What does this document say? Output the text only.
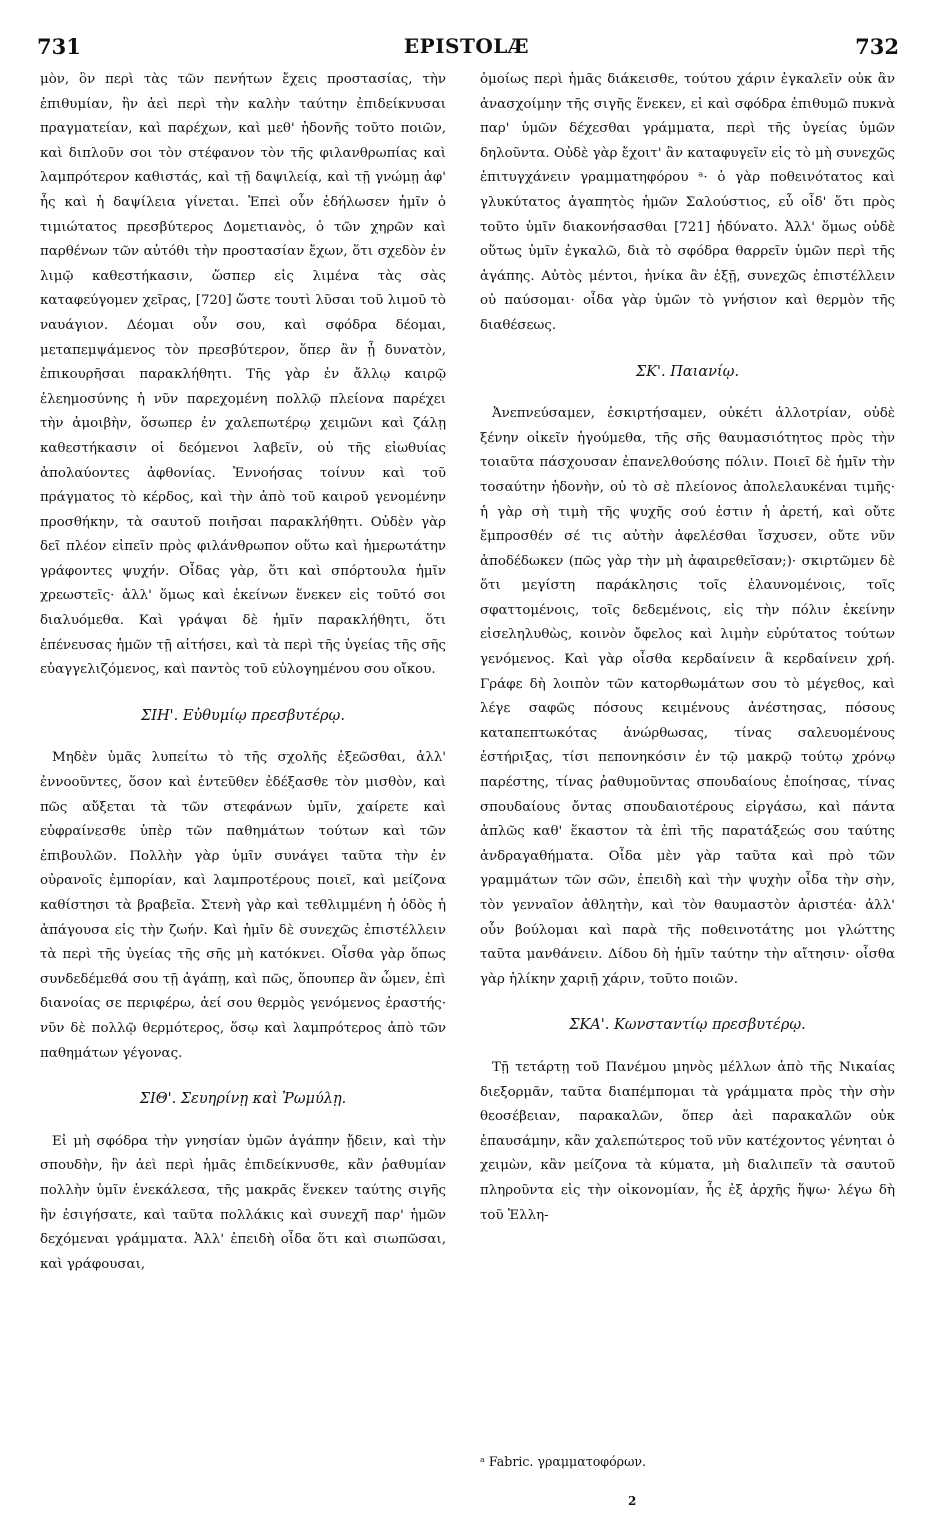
731	EPISTOLÆ	732

μὸν, ὃν περὶ τὰς τῶν πενήτων ἔχεις προστασίας, τὴν ἐπιθυμίαν, ἣν ἀεὶ περὶ τὴν καλὴν ταύτην ἐπιδείκνυσαι πραγματείαν, καὶ παρέχων, καὶ μεθ' ἡδονῆς τοῦτο ποιῶν, καὶ διπλοῦν σοι τὸν στέφανον τὸν τῆς φιλανθρωπίας καὶ λαμπρότερον καθιστάς, καὶ τῇ δαψιλείᾳ, καὶ τῇ γνώμῃ ἀφ' ἧς καὶ ἡ δαψίλεια γίνεται. Ἐπεὶ οὖν ἐδήλωσεν ἡμῖν ὁ τιμιώτατος πρεσβύτερος Δομετιανὸς, ὁ τῶν χηρῶν καὶ παρθένων τῶν αὐτόθι τὴν προστασίαν ἔχων, ὅτι σχεδὸν ἐν λιμῷ καθεστήκασιν, ὥσπερ εἰς λιμένα τὰς σὰς καταφεύγομεν χεῖρας, [720] ὥστε τουτὶ λῦσαι τοῦ λιμοῦ τὸ ναυάγιον. Δέομαι οὖν σου, καὶ σφόδρα δέομαι, μεταπεμψάμενος τὸν πρεσβύτερον, ὅπερ ἂν ᾖ δυνατὸν, ἐπικουρῆσαι παρακλήθητι. Τῆς γὰρ ἐν ἄλλῳ καιρῷ ἐλεημοσύνης ἡ νῦν παρεχομένη πολλῷ πλείονα παρέχει τὴν ἀμοιβὴν, ὅσωπερ ἐν χαλεπωτέρῳ χειμῶνι καὶ ζάλῃ καθεστήκασιν οἱ δεόμενοι λαβεῖν, οὐ τῆς εἰωθυίας ἀπολαύοντες ἀφθονίας. Ἐννοήσας τοίνυν καὶ τοῦ πράγματος τὸ κέρδος, καὶ τὴν ἀπὸ τοῦ καιροῦ γενομένην προσθήκην, τὰ σαυτοῦ ποιῆσαι παρακλήθητι. Οὐδὲν γὰρ δεῖ πλέον εἰπεῖν πρὸς φιλάνθρωπον οὕτω καὶ ἡμερωτάτην γράφοντες ψυχήν. Οἶδας γὰρ, ὅτι καὶ σπόρτουλα ἡμῖν χρεωστεῖς· ἀλλ' ὅμως καὶ ἐκείνων ἕνεκεν εἰς τοῦτό σοι διαλυόμεθα. Καὶ γράψαι δὲ ἡμῖν παρακλήθητι, ὅτι ἐπένευσας ἡμῶν τῇ αἰτήσει, καὶ τὰ περὶ τῆς ὑγείας τῆς σῆς εὐαγγελιζόμενος, καὶ παντὸς τοῦ εὐλογημένου σου οἴκου.

ΣΙΗ'. Εὐθυμίῳ πρεσβυτέρῳ.

Μηδὲν ὑμᾶς λυπείτω τὸ τῆς σχολῆς ἐξεῶσθαι, ἀλλ' ἐννοοῦντες, ὅσον καὶ ἐντεῦθεν ἐδέξασθε τὸν μισθὸν, καὶ πῶς αὔξεται τὰ τῶν στεφάνων ὑμῖν, χαίρετε καὶ εὐφραίνεσθε ὑπὲρ τῶν παθημάτων τούτων καὶ τῶν ἐπιβουλῶν. Πολλὴν γὰρ ὑμῖν συνάγει ταῦτα τὴν ἐν οὐρανοῖς ἐμπορίαν, καὶ λαμπροτέρους ποιεῖ, καὶ μείζονα καθίστησι τὰ βραβεῖα. Στενὴ γὰρ καὶ τεθλιμμένη ἡ ὁδὸς ἡ ἀπάγουσα εἰς τὴν ζωήν. Καὶ ἡμῖν δὲ συνεχῶς ἐπιστέλλειν τὰ περὶ τῆς ὑγείας τῆς σῆς μὴ κατόκνει. Οἶσθα γὰρ ὅπως συνδεδέμεθά σου τῇ ἀγάπῃ, καὶ πῶς, ὅπουπερ ἂν ὦμεν, ἐπὶ διανοίας σε περιφέρω, ἀεί σου θερμὸς γενόμενος ἐραστής· νῦν δὲ πολλῷ θερμότερος, ὅσῳ καὶ λαμπρότερος ἀπὸ τῶν παθημάτων γέγονας.

ΣΙΘ'. Σευηρίνῃ καὶ Ῥωμύλῃ.

Εἰ μὴ σφόδρα τὴν γνησίαν ὑμῶν ἀγάπην ᾔδειν, καὶ τὴν σπουδὴν, ἣν ἀεὶ περὶ ἡμᾶς ἐπιδείκνυσθε, κἂν ῥαθυμίαν πολλὴν ὑμῖν ἐνεκάλεσα, τῆς μακρᾶς ἕνεκεν ταύτης σιγῆς ἣν ἐσιγήσατε, καὶ ταῦτα πολλάκις καὶ συνεχῆ παρ' ἡμῶν δεχόμεναι γράμματα. Ἀλλ' ἐπειδὴ οἶδα ὅτι καὶ σιωπῶσαι, καὶ γράφουσαι,

ὁμοίως περὶ ἡμᾶς διάκεισθε, τούτου χάριν ἐγκαλεῖν οὐκ ἂν ἀνασχοίμην τῆς σιγῆς ἕνεκεν, εἰ καὶ σφόδρα ἐπιθυμῶ πυκνὰ παρ' ὑμῶν δέχεσθαι γράμματα, περὶ τῆς ὑγείας ὑμῶν δηλοῦντα. Οὐδὲ γὰρ ἔχοιτ' ἂν καταφυγεῖν εἰς τὸ μὴ συνεχῶς ἐπιτυγχάνειν γραμματηφόρου ᵃ· ὁ γὰρ ποθεινότατος καὶ γλυκύτατος ἀγαπητὸς ἡμῶν Σαλούστιος, εὖ οἶδ' ὅτι πρὸς τοῦτο ὑμῖν διακονήσασθαι [721] ἠδύνατο. Ἀλλ' ὅμως οὐδὲ οὕτως ὑμῖν ἐγκαλῶ, διὰ τὸ σφόδρα θαρρεῖν ὑμῶν περὶ τῆς ἀγάπης. Αὐτὸς μέντοι, ἡνίκα ἂν ἐξῇ, συνεχῶς ἐπιστέλλειν οὐ παύσομαι· οἶδα γὰρ ὑμῶν τὸ γνήσιον καὶ θερμὸν τῆς διαθέσεως.

ΣΚ'. Παιανίῳ.

Ἀνεπνεύσαμεν, ἐσκιρτήσαμεν, οὐκέτι ἀλλοτρίαν, οὐδὲ ξένην οἰκεῖν ἡγούμεθα, τῆς σῆς θαυμασιότητος πρὸς τὴν τοιαῦτα πάσχουσαν ἐπανελθούσης πόλιν. Ποιεῖ δὲ ἡμῖν τὴν τοσαύτην ἡδονὴν, οὐ τὸ σὲ πλείονος ἀπολελαυκέναι τιμῆς· ἡ γὰρ σὴ τιμὴ τῆς ψυχῆς σού ἐστιν ἡ ἀρετή, καὶ οὔτε ἔμπροσθέν σέ τις αὐτὴν ἀφελέσθαι ἴσχυσεν, οὔτε νῦν ἀποδέδωκεν (πῶς γὰρ τὴν μὴ ἀφαιρεθεῖσαν;)· σκιρτῶμεν δὲ ὅτι μεγίστη παράκλησις τοῖς ἐλαυνομένοις, τοῖς σφαττομένοις, τοῖς δεδεμένοις, εἰς τὴν πόλιν ἐκείνην εἰσεληλυθὼς, κοινὸν ὄφελος καὶ λιμὴν εὐρύτατος τούτων γενόμενος. Καὶ γὰρ οἶσθα κερδαίνειν ἃ κερδαίνειν χρή. Γράφε δὴ λοιπὸν τῶν κατορθωμάτων σου τὸ μέγεθος, καὶ λέγε σαφῶς πόσους κειμένους ἀνέστησας, πόσους καταπεπτωκότας ἀνώρθωσας, τίνας σαλευομένους ἐστήριξας, τίσι πεπονηκόσιν ἐν τῷ μακρῷ τούτῳ χρόνῳ παρέστης, τίνας ῥαθυμοῦντας σπουδαίους ἐποίησας, τίνας σπουδαίους ὄντας σπουδαιοτέρους εἰργάσω, καὶ πάντα ἁπλῶς καθ' ἕκαστον τὰ ἐπὶ τῆς παρατάξεώς σου ταύτης ἀνδραγαθήματα. Οἶδα μὲν γὰρ ταῦτα καὶ πρὸ τῶν γραμμάτων τῶν σῶν, ἐπειδὴ καὶ τὴν ψυχὴν οἶδα τὴν σὴν, τὸν γενναῖον ἀθλητὴν, καὶ τὸν θαυμαστὸν ἀριστέα· ἀλλ' οὖν βούλομαι καὶ παρὰ τῆς ποθεινοτάτης μοι γλώττης ταῦτα μανθάνειν. Δίδου δὴ ἡμῖν ταύτην τὴν αἴτησιν· οἶσθα γὰρ ἡλίκην χαριῇ χάριν, τοῦτο ποιῶν.

ΣΚΑ'. Κωνσταντίῳ πρεσβυτέρῳ.

Τῇ τετάρτῃ τοῦ Πανέμου μηνὸς μέλλων ἀπὸ τῆς Νικαίας διεξορμᾶν, ταῦτα διαπέμπομαι τὰ γράμματα πρὸς τὴν σὴν θεοσέβειαν, παρακαλῶν, ὅπερ ἀεὶ παρακαλῶν οὐκ ἐπαυσάμην, κἂν χαλεπώτερος τοῦ νῦν κατέχοντος γένηται ὁ χειμὼν, κἂν μείζονα τὰ κύματα, μὴ διαλιπεῖν τὰ σαυτοῦ πληροῦντα εἰς τὴν οἰκονομίαν, ἧς ἐξ ἀρχῆς ἥψω· λέγω δὴ τοῦ Ἑλλη-

ᵃ Fabric. γραμματοφόρων.
2
